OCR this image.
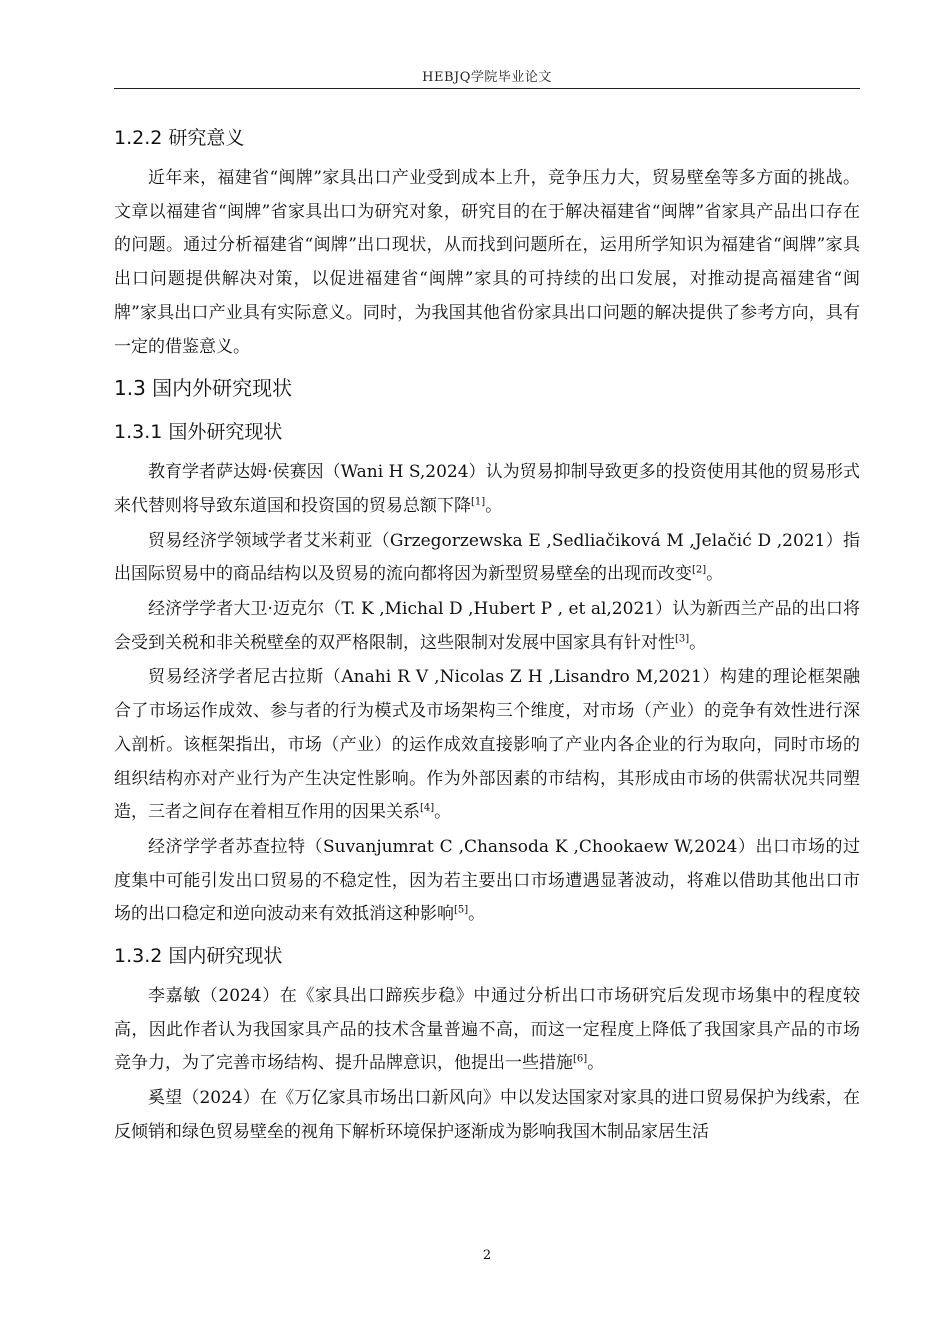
HEBJQ学院毕业论文
1.2.2 研究意义

近年来，福建省“闽牌”家具出口产业受到成本上升，竞争压力大，贸易壁垒等多方面的挑战。文章以福建省“闽牌”省家具出口为研究对象，研究目的在于解决福建省“闽牌”省家具产品出口存在的问题。通过分析福建省“闽牌”出口现状，从而找到问题所在，运用所学知识为福建省“闽牌”家具出口问题提供解决对策，以促进福建省“闽牌”家具的可持续的出口发展，对推动提高福建省“闽牌”家具出口产业具有实际意义。同时，为我国其他省份家具出口问题的解决提供了参考方向，具有一定的借鉴意义。

1.3 国内外研究现状
1.3.1 国外研究现状

教育学者萨达姆·侯赛因（Wani H S,2024）认为贸易抑制导致更多的投资使用其他的贸易形式来代替则将导致东道国和投资国的贸易总额下降[1]。

贸易经济学领域学者艾米莉亚（Grzegorzewska E ,Sedliačiková M ,Jelačić D ,2021）指出国际贸易中的商品结构以及贸易的流向都将因为新型贸易壁垒的出现而改变[2]。

经济学学者大卫·迈克尔（T. K ,Michal D ,Hubert P , et al,2021）认为新西兰产品的出口将会受到关税和非关税壁垒的双严格限制，这些限制对发展中国家具有针对性[3]。

贸易经济学者尼古拉斯（Anahi R V ,Nicolas Z H ,Lisandro M,2021）构建的理论框架融合了市场运作成效、参与者的行为模式及市场架构三个维度，对市场（产业）的竞争有效性进行深入剖析。该框架指出，市场（产业）的运作成效直接影响了产业内各企业的行为取向，同时市场的组织结构亦对产业行为产生决定性影响。作为外部因素的市结构，其形成由市场的供需状况共同塑造，三者之间存在着相互作用的因果关系[4]。

经济学学者苏查拉特（Suvanjumrat C ,Chansoda K ,Chookaew W,2024）出口市场的过度集中可能引发出口贸易的不稳定性，因为若主要出口市场遭遇显著波动，将难以借助其他出口市场的出口稳定和逆向波动来有效抵消这种影响[5]。

1.3.2 国内研究现状

李嘉敏（2024）在《家具出口蹄疾步稳》中通过分析出口市场研究后发现市场集中的程度较高，因此作者认为我国家具产品的技术含量普遍不高，而这一定程度上降低了我国家具产品的市场竞争力，为了完善市场结构、提升品牌意识，他提出一些措施[6]。

奚望（2024）在《万亿家具市场出口新风向》中以发达国家对家具的进口贸易保护为线索，在反倾销和绿色贸易壁垒的视角下解析环境保护逐渐成为影响我国木制品家居生活

2
